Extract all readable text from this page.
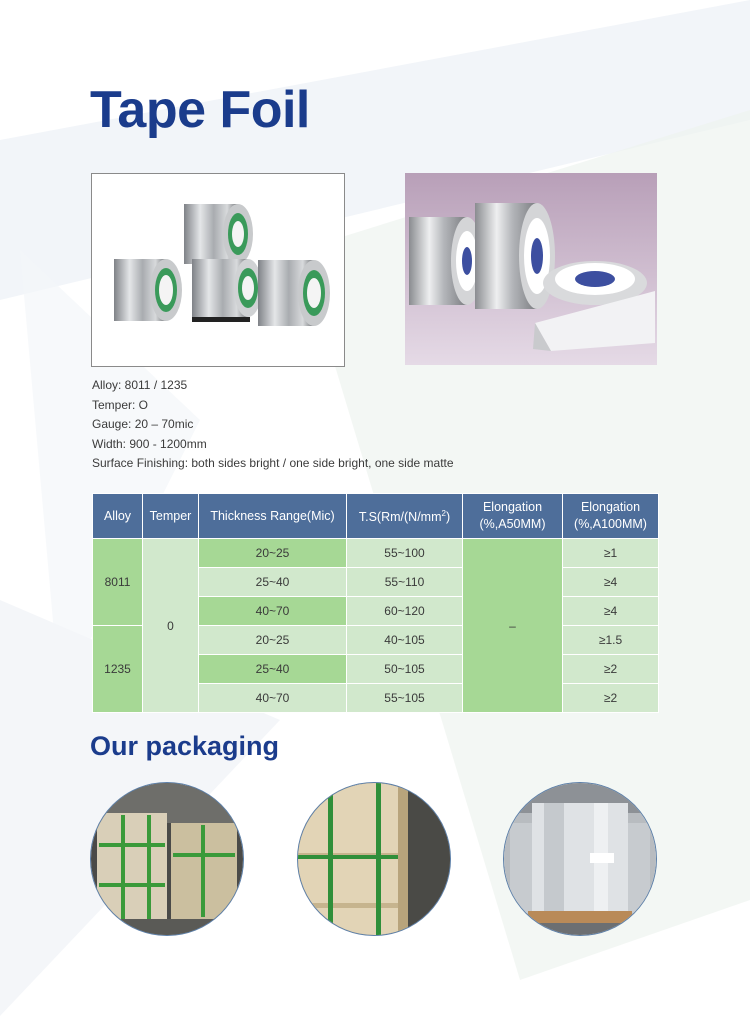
Tape Foil
Alloy: 8011 / 1235
Temper: O
Gauge: 20 – 70mic
Width: 900 - 1200mm
Surface Finishing: both sides bright / one side bright, one side matte
Alloy	Temper	Thickness Range(Mic)	$T.S(Rm/(N/mm^2)$	Elongation
(%,A50MM)	Elongation
(%,A100MM)
8011	0	20~25	55~100	–	≥1
		25~40	55~110		≥4
		40~70	60~120		≥4
1235		20~25	40~105		≥1.5
		25~40	50~105		≥2
		40~70	55~105		≥2
Our packaging
